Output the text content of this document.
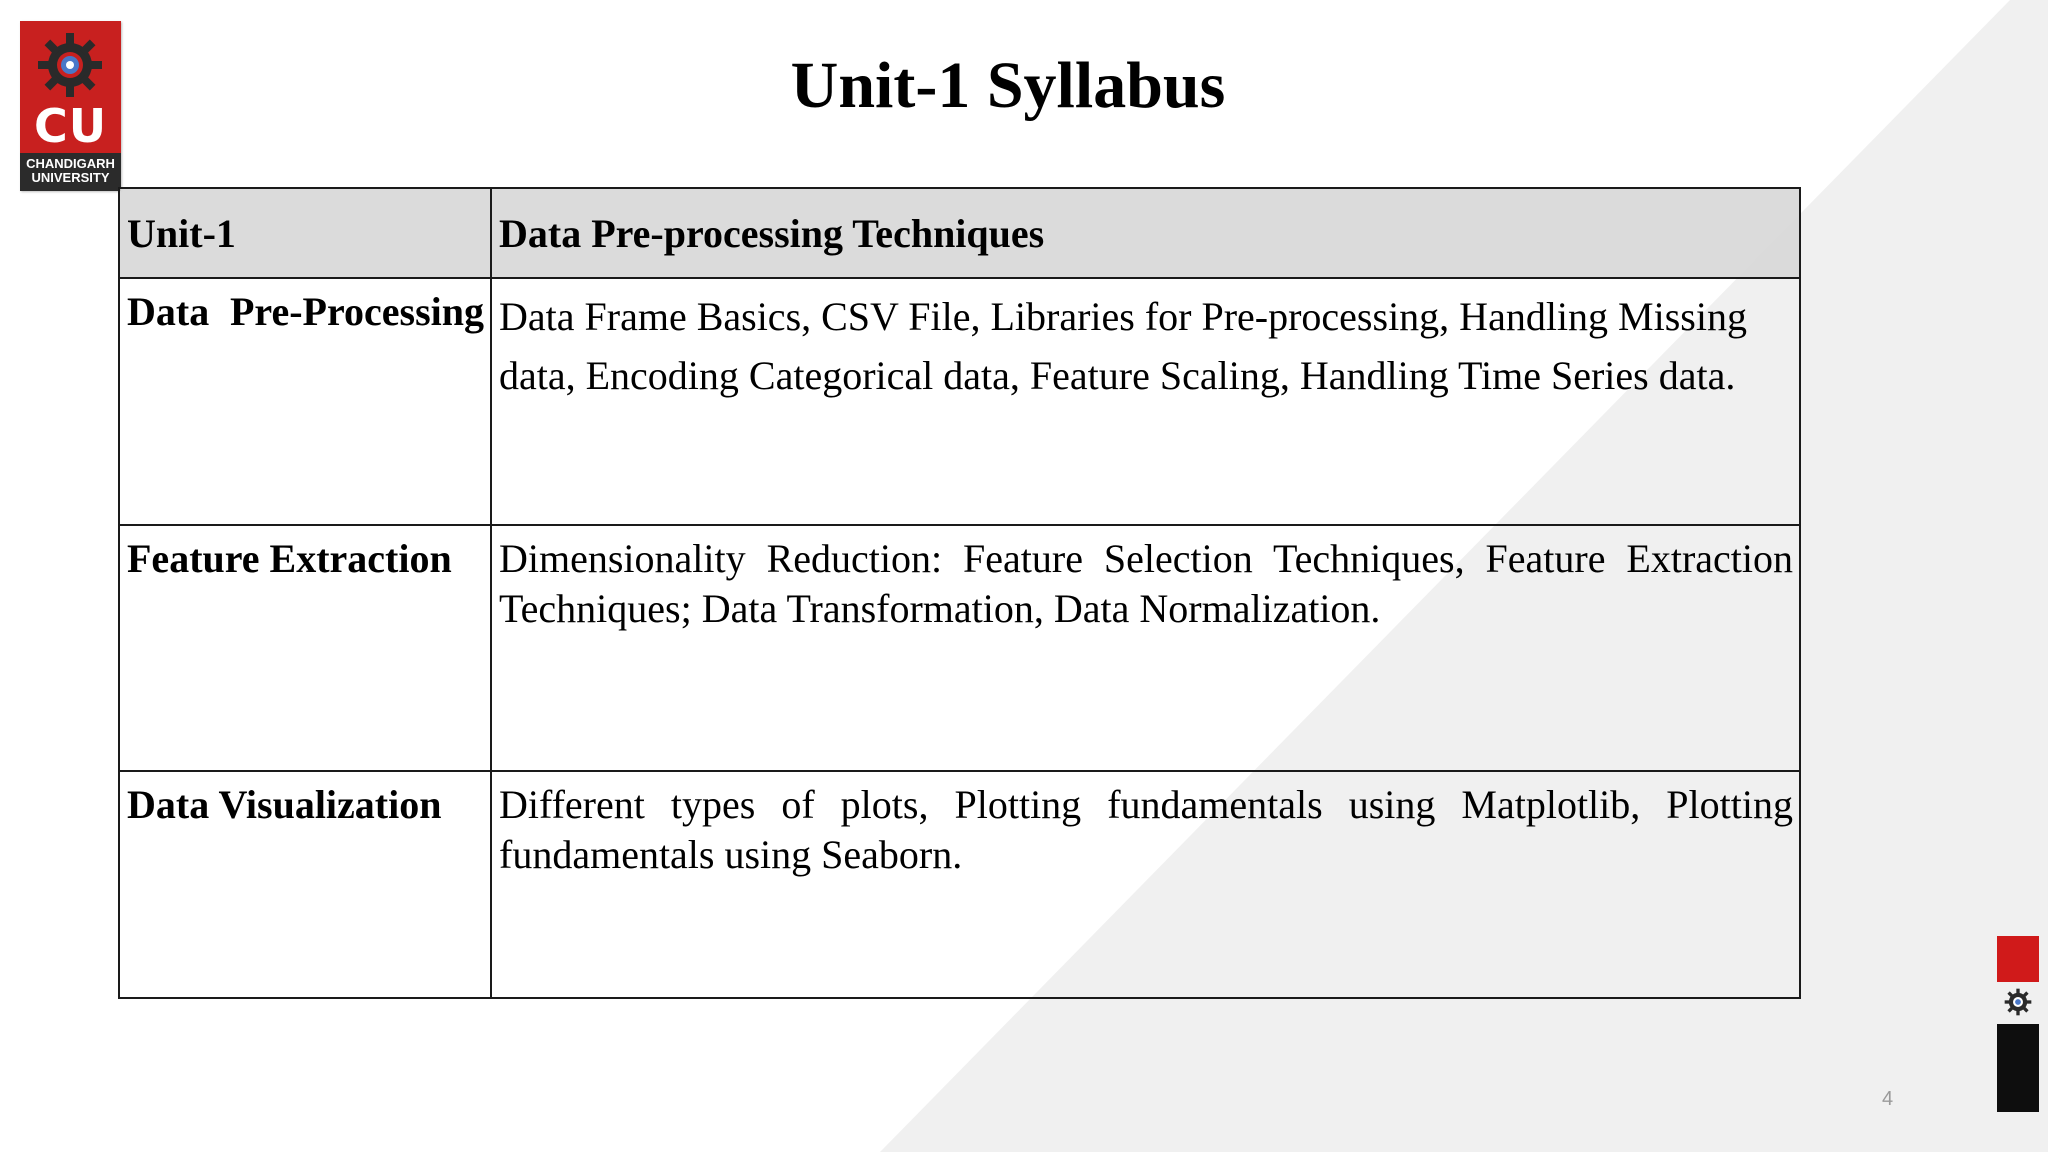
CU
CHANDIGARH
UNIVERSITY
Unit-1 Syllabus
Unit-1	Data Pre-processing Techniques
Data Pre-Processing	Data Frame Basics, CSV File, Libraries for Pre-processing, Handling Missing data, Encoding Categorical data, Feature Scaling, Handling Time Series data.
Feature Extraction	Dimensionality Reduction: Feature Selection Techniques, Feature Extraction Techniques; Data Transformation, Data Normalization.
Data Visualization	Different types of plots, Plotting fundamentals using Matplotlib, Plotting fundamentals using Seaborn.
4
